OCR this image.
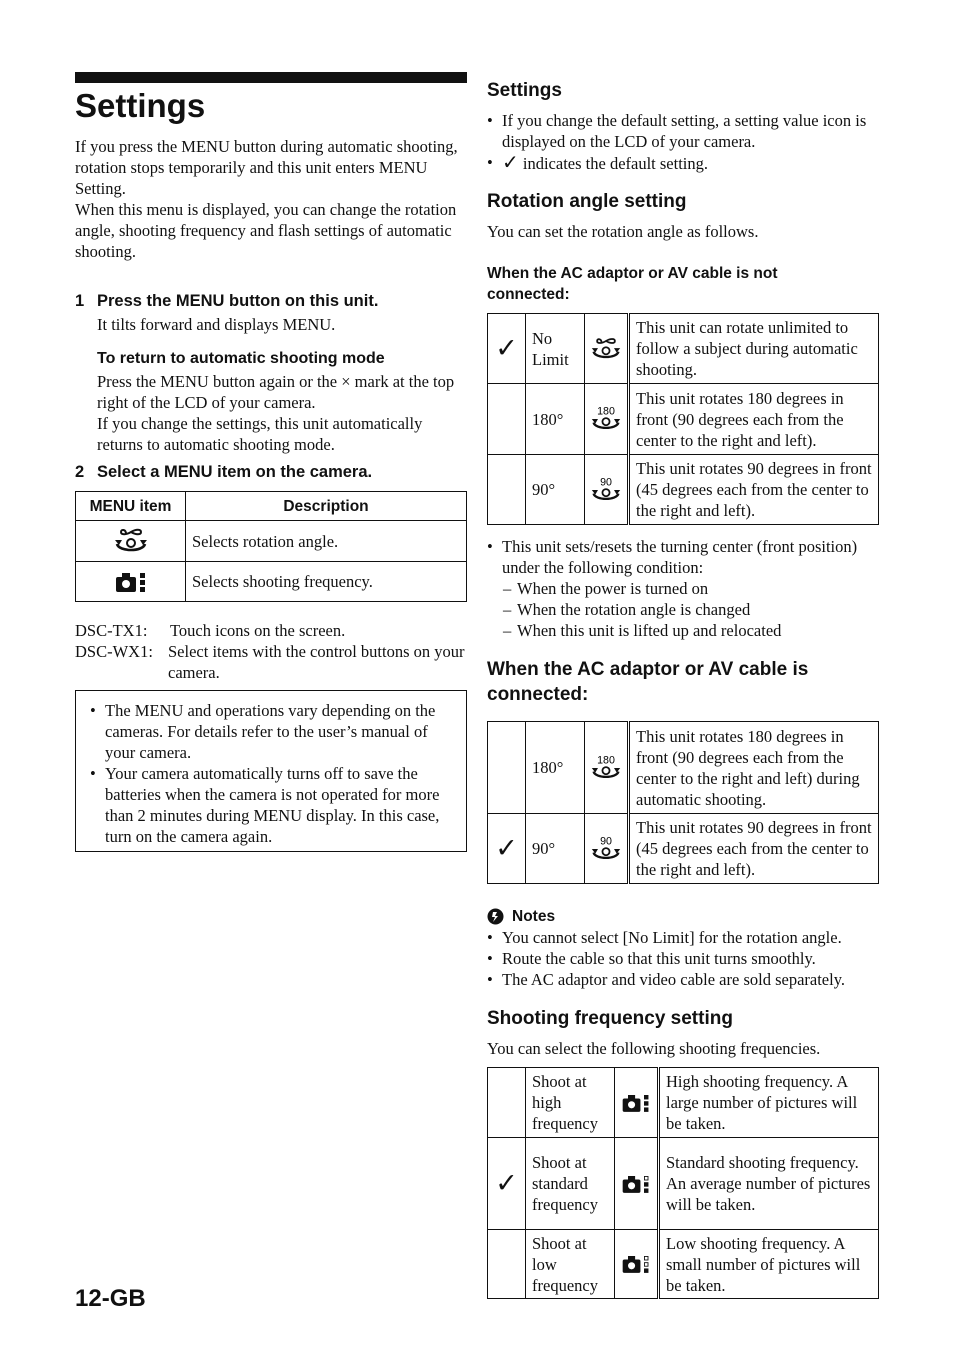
Settings

If you press the MENU button during automatic shooting, rotation stops temporarily and this unit enters MENU Setting.

When this menu is displayed, you can change the rotation angle, shooting frequency and flash settings of automatic shooting.

1 Press the MENU button on this unit.
It tilts forward and displays MENU.
To return to automatic shooting mode

Press the MENU button again or the × mark at the top right of the LCD of your camera.

If you change the settings, this unit automatically returns to automatic shooting mode.

2 Select a MENU item on the camera.
MENU item	Description

	Selects rotation angle.

	Selects shooting frequency.
DSC-TX1:	Touch icons on the screen.
DSC-WX1: Select items with the control buttons on your camera.
• The MENU and operations vary depending on the cameras. For details refer to the user’s manual of your camera.
• Your camera automatically turns off to save the batteries when the camera is not operated for more than 2 minutes during MENU display. In this case, turn on the camera again.
12-GB
Settings
• If you change the default setting, a setting value icon is displayed on the LCD of your camera.
• ✓ indicates the default setting.
Rotation angle setting
You can set the rotation angle as follows.
When the AC adaptor or AV cable is not connected:
✓	No Limit		This unit can rotate unlimited to follow a subject during automatic shooting.
	180°	180	This unit rotates 180 degrees in front (90 degrees each from the center to the right and left).
	90°	90	This unit rotates 90 degrees in front (45 degrees each from the center to the right and left).
• This unit sets/resets the turning center (front position) under the following condition:
– When the power is turned on
– When the rotation angle is changed
– When this unit is lifted up and relocated
When the AC adaptor or AV cable is connected:
	180°	180	This unit rotates 180 degrees in front (90 degrees each from the center to the right and left) during automatic shooting.
✓	90°	90	This unit rotates 90 degrees in front (45 degrees each from the center to the right and left).
Notes
• You cannot select [No Limit] for the rotation angle.
• Route the cable so that this unit turns smoothly.
• The AC adaptor and video cable are sold separately.
Shooting frequency setting
You can select the following shooting frequencies.
	Shoot at high frequency		High shooting frequency. A large number of pictures will be taken.
✓	Shoot at standard frequency		Standard shooting frequency. An average number of pictures will be taken.
	Shoot at low frequency		Low shooting frequency. A small number of pictures will be taken.
